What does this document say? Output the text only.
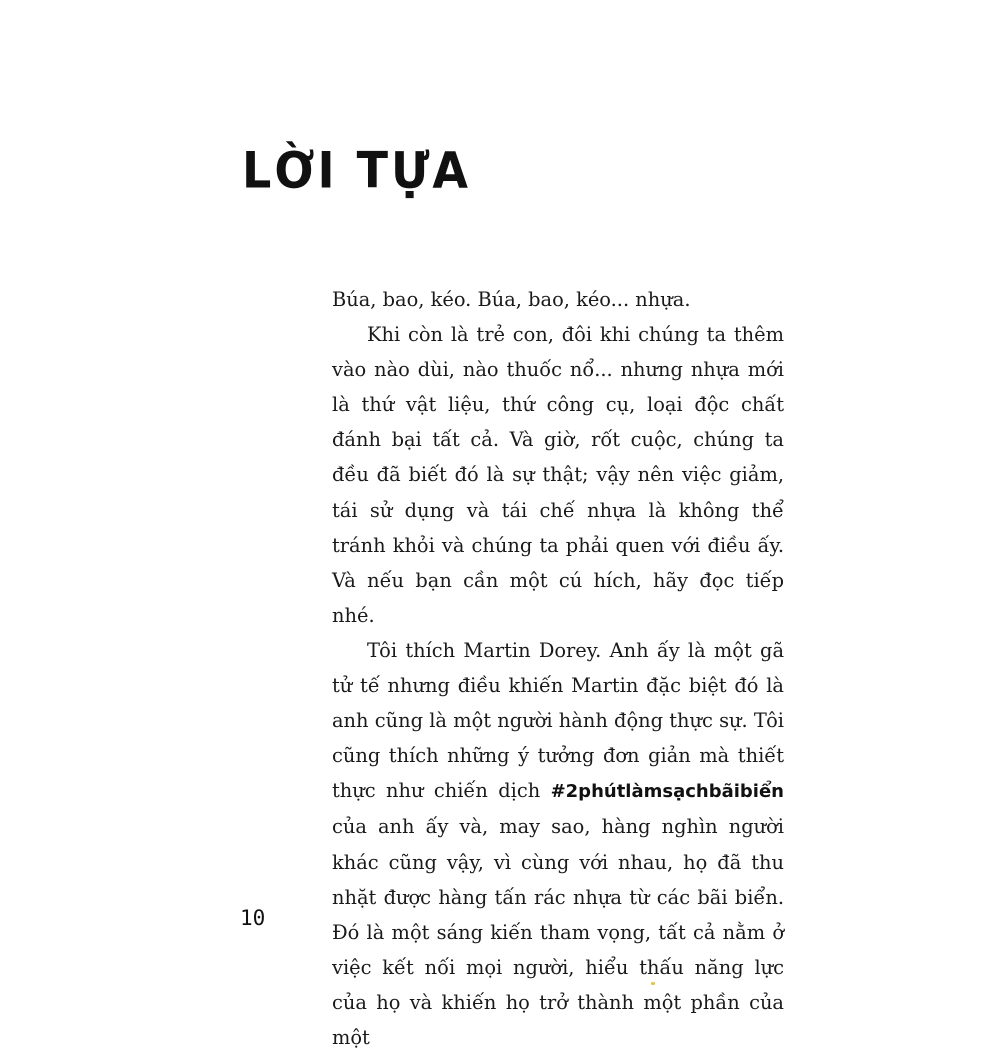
LỜI TỰA

Búa, bao, kéo. Búa, bao, kéo... nhựa.

Khi còn là trẻ con, đôi khi chúng ta thêm vào nào dùi, nào thuốc nổ... nhưng nhựa mới là thứ vật liệu, thứ công cụ, loại độc chất đánh bại tất cả. Và giờ, rốt cuộc, chúng ta đều đã biết đó là sự thật; vậy nên việc giảm, tái sử dụng và tái chế nhựa là không thể tránh khỏi và chúng ta phải quen với điều ấy. Và nếu bạn cần một cú hích, hãy đọc tiếp nhé.

Tôi thích Martin Dorey. Anh ấy là một gã tử tế nhưng điều khiến Martin đặc biệt đó là anh cũng là một người hành động thực sự. Tôi cũng thích những ý tưởng đơn giản mà thiết thực như chiến dịch #2phútlàmsạchbãibiển của anh ấy và, may sao, hàng nghìn người khác cũng vậy, vì cùng với nhau, họ đã thu nhặt được hàng tấn rác nhựa từ các bãi biển. Đó là một sáng kiến tham vọng, tất cả nằm ở việc kết nối mọi người, hiểu thấu năng lực của họ và khiến họ trở thành một phần của một

10
